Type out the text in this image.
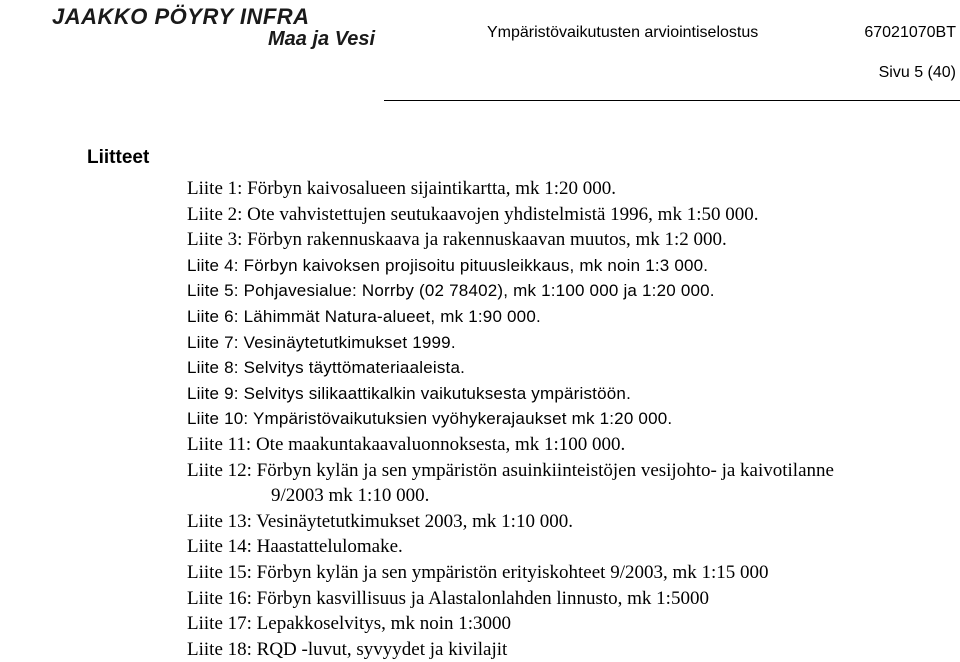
JAAKKO PÖYRY INFRA
Maa ja Vesi	Ympäristövaikutusten arviointiselostus	67021070BT
Sivu 5 (40)
Liitteet
Liite 1: Förbyn kaivosalueen sijaintikartta, mk 1:20 000.
Liite 2: Ote vahvistettujen seutukaavojen yhdistelmistä 1996, mk 1:50 000.
Liite 3: Förbyn rakennuskaava ja rakennuskaavan muutos, mk 1:2 000.
Liite 4: Förbyn kaivoksen projisoitu pituusleikkaus, mk noin 1:3 000.
Liite 5: Pohjavesialue: Norrby (02 78402), mk 1:100 000 ja 1:20 000.
Liite 6: Lähimmät Natura-alueet, mk 1:90 000.
Liite 7: Vesinäytetutkimukset 1999.
Liite 8: Selvitys täyttömateriaaleista.
Liite 9: Selvitys silikaattikalkin vaikutuksesta ympäristöön.
Liite 10: Ympäristövaikutuksien vyöhykerajaukset mk 1:20 000.
Liite 11: Ote maakuntakaavaluonnoksesta, mk 1:100 000.
Liite 12: Förbyn kylän ja sen ympäristön asuinkiinteistöjen vesijohto- ja kaivotilanne
9/2003 mk 1:10 000.
Liite 13: Vesinäytetutkimukset 2003, mk 1:10 000.
Liite 14: Haastattelulomake.
Liite 15: Förbyn kylän ja sen ympäristön erityiskohteet 9/2003, mk 1:15 000
Liite 16: Förbyn kasvillisuus ja Alastalonlahden linnusto, mk 1:5000
Liite 17: Lepakkoselvitys, mk noin 1:3000
Liite 18: RQD -luvut, syvyydet ja kivilajit
